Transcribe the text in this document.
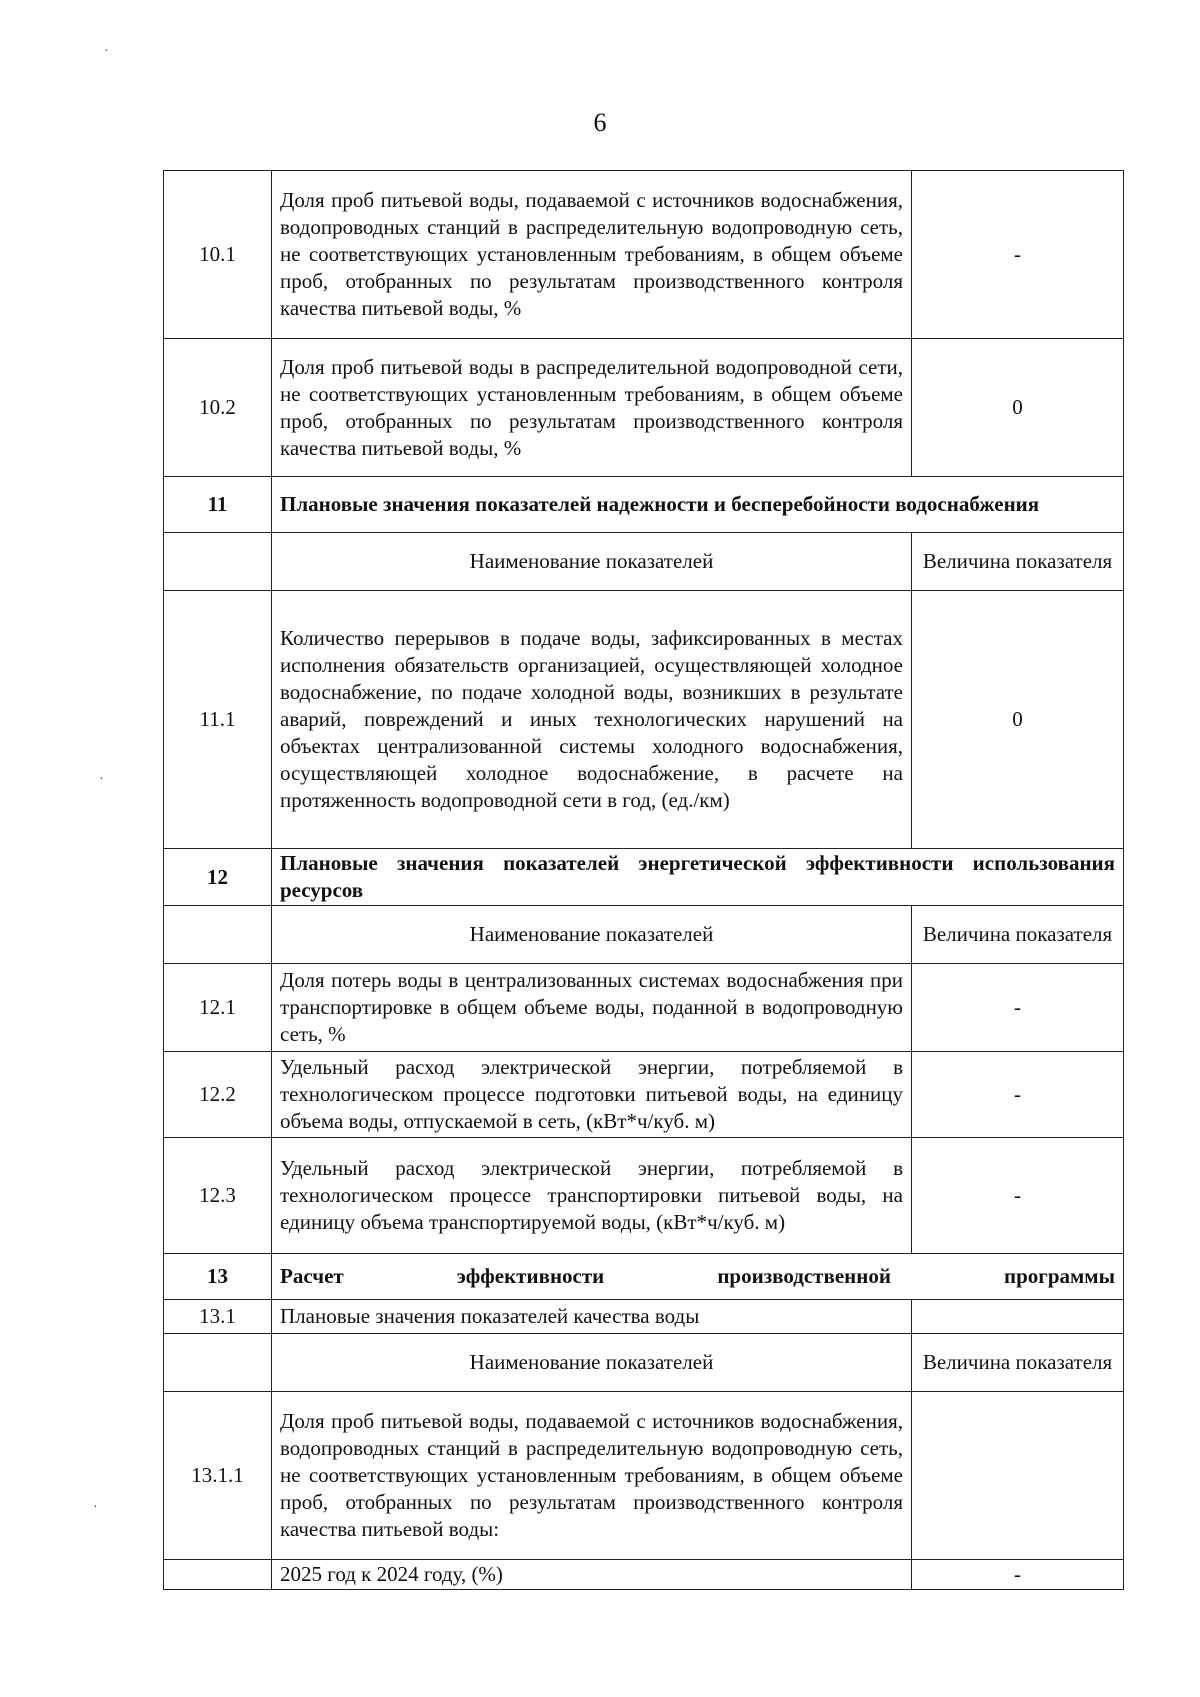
6
10.1	Доля проб питьевой воды, подаваемой с источников водоснабжения, водопроводных станций в распределительную водопроводную сеть, не соответствующих установленным требованиям, в общем объеме проб, отобранных по результатам производственного контроля качества питьевой воды, %	-
10.2	Доля проб питьевой воды в распределительной водопроводной сети, не соответствующих установленным требованиям, в общем объеме проб, отобранных по результатам производственного контроля качества питьевой воды, %	0
11	Плановые значения показателей надежности и бесперебойности водоснабжения	
	Наименование показателей	Величина показателя
11.1	Количество перерывов в подаче воды, зафиксированных в местах исполнения обязательств организацией, осуществляющей холодное водоснабжение, по подаче холодной воды, возникших в результате аварий, повреждений и иных технологических нарушений на объектах централизованной системы холодного водоснабжения, осуществляющей холодное водоснабжение, в расчете на протяженность водопроводной сети в год, (ед./км)	0
12	Плановые значения показателей энергетической эффективности использования ресурсов	
	Наименование показателей	Величина показателя
12.1	Доля потерь воды в централизованных системах водоснабжения при транспортировке в общем объеме воды, поданной в водопроводную сеть, %	-
12.2	Удельный расход электрической энергии, потребляемой в технологическом процессе подготовки питьевой воды, на единицу объема воды, отпускаемой в сеть, (кВт*ч/куб. м)	-
12.3	Удельный расход электрической энергии, потребляемой в технологическом процессе транспортировки питьевой воды, на единицу объема транспортируемой воды, (кВт*ч/куб. м)	-
13	Расчет эффективности производственной программы	
13.1	Плановые значения показателей качества воды	
	Наименование показателей	Величина показателя
13.1.1	Доля проб питьевой воды, подаваемой с источников водоснабжения, водопроводных станций в распределительную водопроводную сеть, не соответствующих установленным требованиям, в общем объеме проб, отобранных по результатам производственного контроля качества питьевой воды:	
	2025 год к 2024 году, (%)	-
·
·
·
